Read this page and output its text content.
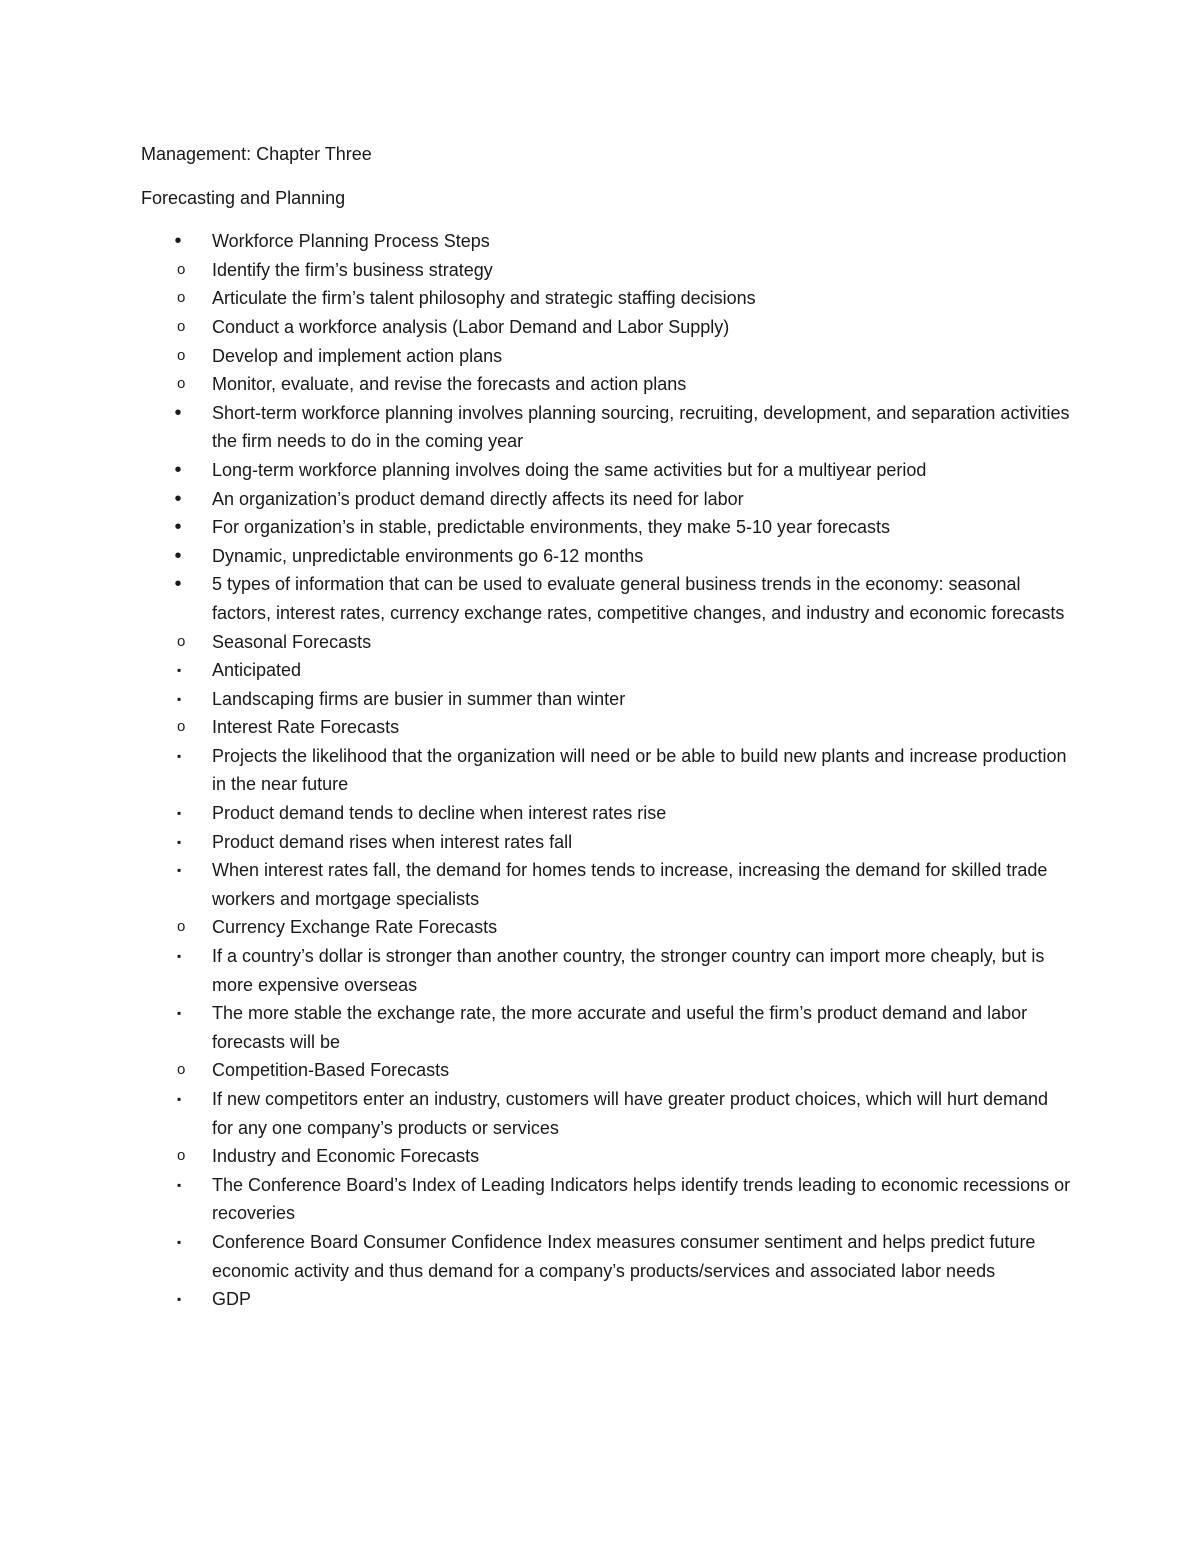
Management: Chapter Three

Forecasting and Planning

• Workforce Planning Process Steps
o Identify the firm’s business strategy
o Articulate the firm’s talent philosophy and strategic staffing decisions
o Conduct a workforce analysis (Labor Demand and Labor Supply)
o Develop and implement action plans
o Monitor, evaluate, and revise the forecasts and action plans
• Short-term workforce planning involves planning sourcing, recruiting, development, and separation activities the firm needs to do in the coming year
• Long-term workforce planning involves doing the same activities but for a multiyear period
• An organization’s product demand directly affects its need for labor
• For organization’s in stable, predictable environments, they make 5-10 year forecasts
• Dynamic, unpredictable environments go 6-12 months
• 5 types of information that can be used to evaluate general business trends in the economy: seasonal factors, interest rates, currency exchange rates, competitive changes, and industry and economic forecasts
o Seasonal Forecasts
▪ Anticipated
▪ Landscaping firms are busier in summer than winter
o Interest Rate Forecasts
▪ Projects the likelihood that the organization will need or be able to build new plants and increase production in the near future
▪ Product demand tends to decline when interest rates rise
▪ Product demand rises when interest rates fall
▪ When interest rates fall, the demand for homes tends to increase, increasing the demand for skilled trade workers and mortgage specialists
o Currency Exchange Rate Forecasts
▪ If a country’s dollar is stronger than another country, the stronger country can import more cheaply, but is more expensive overseas
▪ The more stable the exchange rate, the more accurate and useful the firm’s product demand and labor forecasts will be
o Competition-Based Forecasts
▪ If new competitors enter an industry, customers will have greater product choices, which will hurt demand for any one company’s products or services
o Industry and Economic Forecasts
▪ The Conference Board’s Index of Leading Indicators helps identify trends leading to economic recessions or recoveries
▪ Conference Board Consumer Confidence Index measures consumer sentiment and helps predict future economic activity and thus demand for a company’s products/services and associated labor needs
▪ GDP
